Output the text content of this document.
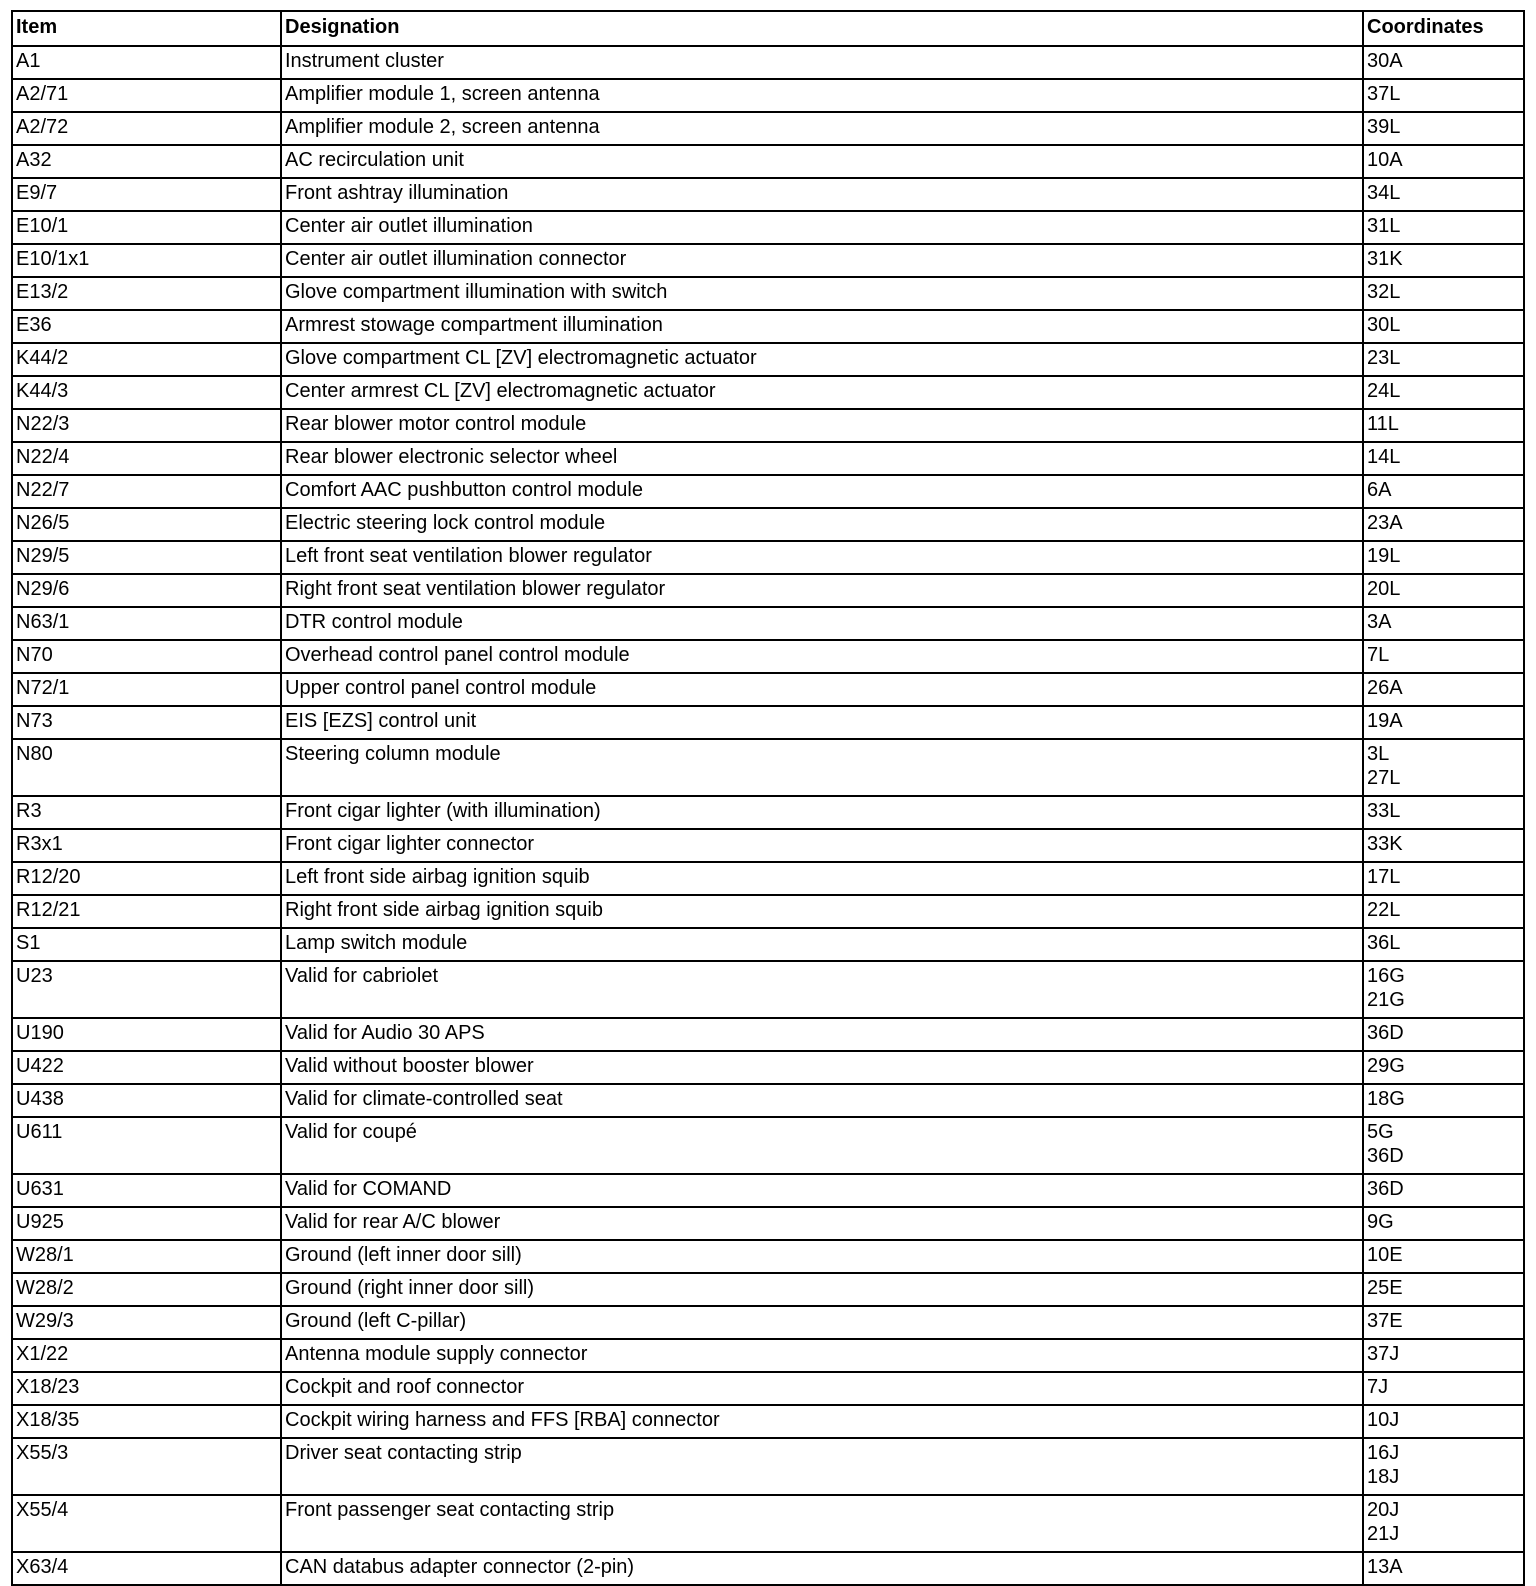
Item	Designation	Coordinates
A1	Instrument cluster	30A

A2/71	Amplifier module 1, screen antenna	37L

A2/72	Amplifier module 2, screen antenna	39L

A32	AC recirculation unit	10A

E9/7	Front ashtray illumination	34L

E10/1	Center air outlet illumination	31L

E10/1x1	Center air outlet illumination connector	31K

E13/2	Glove compartment illumination with switch	32L

E36	Armrest stowage compartment illumination	30L

K44/2	Glove compartment CL [ZV] electromagnetic actuator	23L

K44/3	Center armrest CL [ZV] electromagnetic actuator	24L

N22/3	Rear blower motor control module	11L

N22/4	Rear blower electronic selector wheel	14L

N22/7	Comfort AAC pushbutton control module	6A

N26/5	Electric steering lock control module	23A

N29/5	Left front seat ventilation blower regulator	19L

N29/6	Right front seat ventilation blower regulator	20L

N63/1	DTR control module	3A

N70	Overhead control panel control module	7L

N72/1	Upper control panel control module	26A

N73	EIS [EZS] control unit	19A

N80	Steering column module	3L
27L

R3	Front cigar lighter (with illumination)	33L

R3x1	Front cigar lighter connector	33K

R12/20	Left front side airbag ignition squib	17L

R12/21	Right front side airbag ignition squib	22L

S1	Lamp switch module	36L

U23	Valid for cabriolet	16G
21G

U190	Valid for Audio 30 APS	36D

U422	Valid without booster blower	29G

U438	Valid for climate-controlled seat	18G

U611	Valid for coupé	5G
36D

U631	Valid for COMAND	36D

U925	Valid for rear A/C blower	9G

W28/1	Ground (left inner door sill)	10E

W28/2	Ground (right inner door sill)	25E

W29/3	Ground (left C-pillar)	37E

X1/22	Antenna module supply connector	37J

X18/23	Cockpit and roof connector	7J

X18/35	Cockpit wiring harness and FFS [RBA] connector	10J

X55/3	Driver seat contacting strip	16J
18J

X55/4	Front passenger seat contacting strip	20J
21J

X63/4	CAN databus adapter connector (2-pin)	13A
